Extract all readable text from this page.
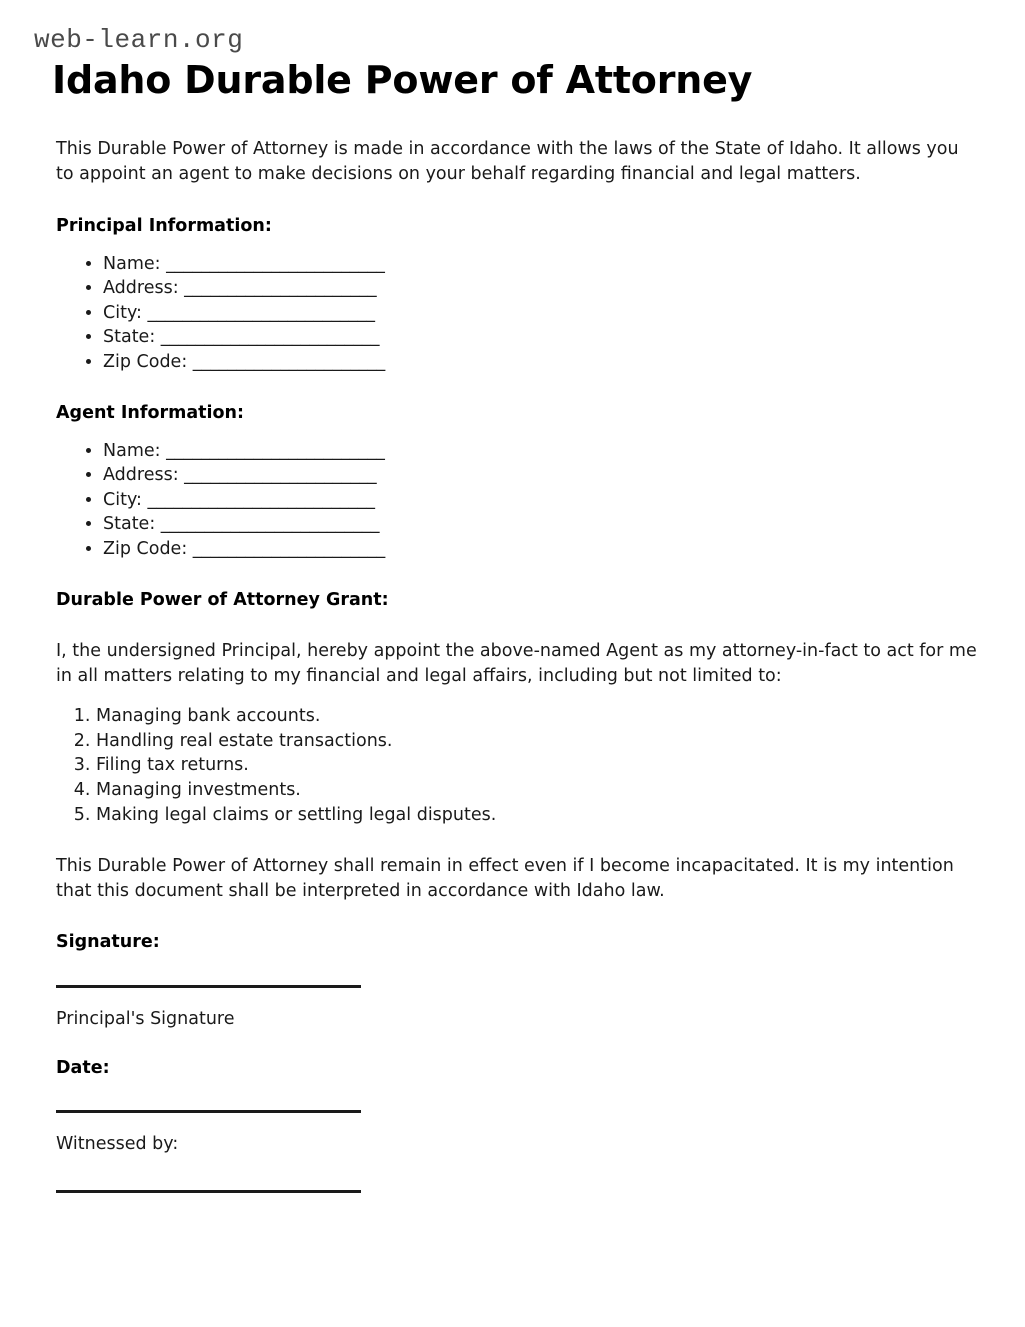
web-learn.org
Idaho Durable Power of Attorney

This Durable Power of Attorney is made in accordance with the laws of the State of Idaho. It allows you to appoint an agent to make decisions on your behalf regarding financial and legal matters.

Principal Information:
• Name: _________________________
• Address: ______________________
• City: __________________________
• State: _________________________
• Zip Code: ______________________
Agent Information:
• Name: _________________________
• Address: ______________________
• City: __________________________
• State: _________________________
• Zip Code: ______________________
Durable Power of Attorney Grant:

I, the undersigned Principal, hereby appoint the above-named Agent as my attorney-in-fact to act for me in all matters relating to my financial and legal affairs, including but not limited to:

1. Managing bank accounts.
2. Handling real estate transactions.
3. Filing tax returns.
4. Managing investments.
5. Making legal claims or settling legal disputes.

This Durable Power of Attorney shall remain in effect even if I become incapacitated. It is my intention that this document shall be interpreted in accordance with Idaho law.

Signature:

Principal's Signature

Date:

Witnessed by:
